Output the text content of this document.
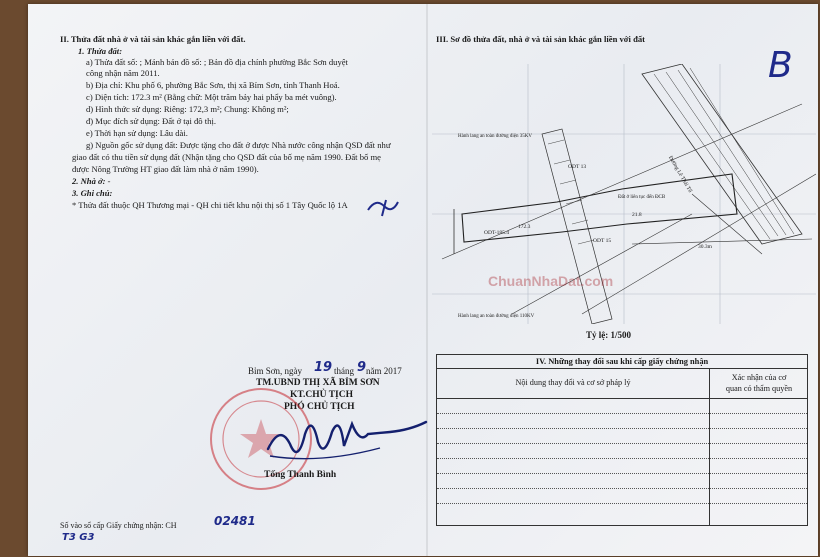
II. Thửa đất nhà ở và tài sản khác gắn liền với đất.
1. Thửa đất:
a) Thửa đất số: ; Mảnh bản đồ số: ; Bản đồ địa chính phường Bắc Sơn duyệt
công nhận năm 2011.
b) Địa chỉ: Khu phố 6, phường Bắc Sơn, thị xã Bỉm Sơn, tỉnh Thanh Hoá.
c) Diện tích: 172.3 m² (Bằng chữ: Một trăm bảy hai phẩy ba mét vuông).
d) Hình thức sử dụng: Riêng: 172,3 m²; Chung: Không m²;
đ) Mục đích sử dụng: Đất ở tại đô thị.
e) Thời hạn sử dụng: Lâu dài.
g) Nguồn gốc sử dụng đất: Được tặng cho đất ở được Nhà nước công nhận QSD đất như
giao đất có thu tiền sử dụng đất (Nhận tặng cho QSD đất của bố mẹ năm 1990. Đất bố mẹ
được Nông Trường HT giao đất làm nhà ở năm 1990).
2. Nhà ở: -
3. Ghi chú:
* Thửa đất thuộc QH Thương mại - QH chi tiết khu nội thị số 1 Tây Quốc lộ 1A
Bỉm Sơn, ngày 19 tháng 9 năm 2017
TM.UBND THỊ XÃ BỈM SƠN
KT.CHỦ TỊCH
PHÓ CHỦ TỊCH
Tống Thanh Bình
Số vào sổ cấp Giấy chứng nhận: CH	02481
T3 G3
III. Sơ đồ thửa đất, nhà ở và tài sản khác gắn liền với đất
B
Hành lang an toàn đường điện 35KV
Hành lang an toàn đường điện 110KV
ODT 13
ODT-185.4
ODT 15
Đường Lê Thái Tổ
Đất ở liên tục đến ĐCB
30.3m
21.8
172.3
ChuanNhaDat.com
Tỷ lệ: 1/500
IV. Những thay đổi sau khi cấp giấy chứng nhận
Nội dung thay đổi và cơ sở pháp lý
Xác nhận của cơ
quan có thẩm quyền
